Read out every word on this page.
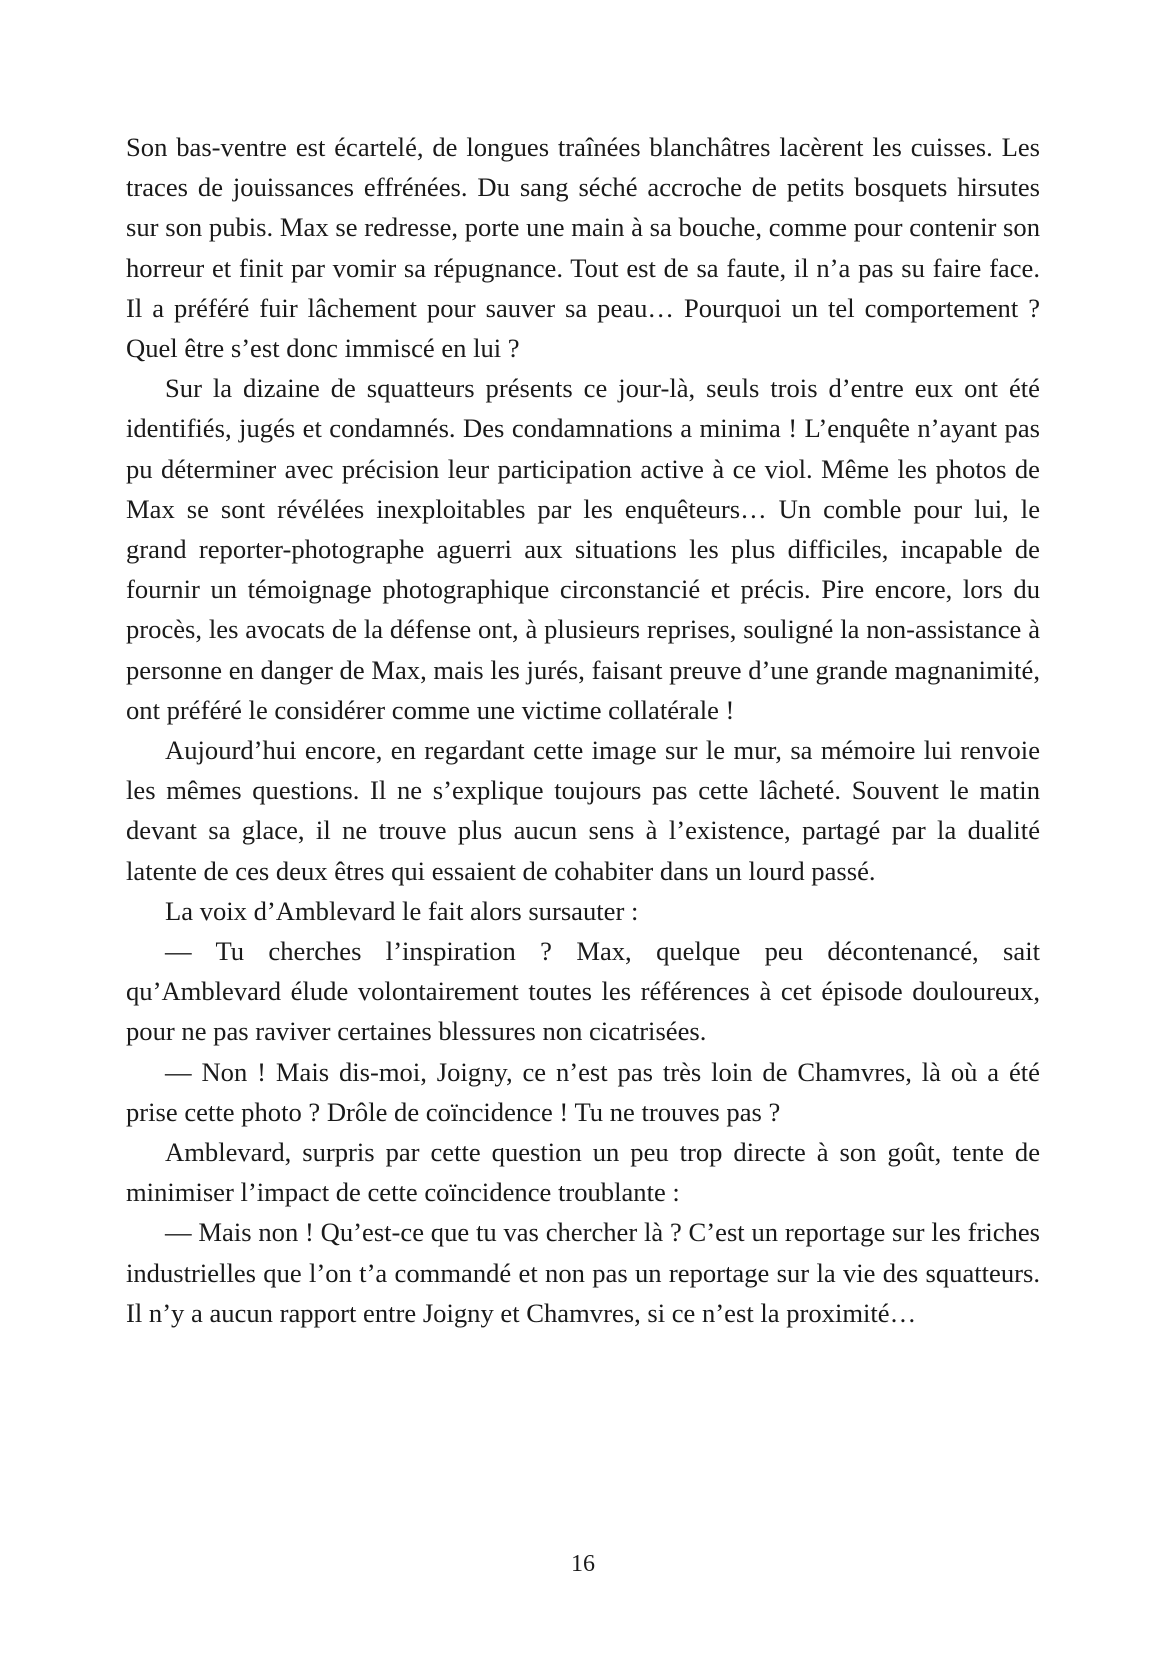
Son bas-ventre est écartelé, de longues traînées blanchâtres lacèrent les cuisses. Les traces de jouissances effrénées. Du sang séché accroche de petits bosquets hirsutes sur son pubis. Max se redresse, porte une main à sa bouche, comme pour contenir son horreur et finit par vomir sa répugnance. Tout est de sa faute, il n’a pas su faire face. Il a préféré fuir lâchement pour sauver sa peau… Pourquoi un tel comportement ? Quel être s’est donc immiscé en lui ?

Sur la dizaine de squatteurs présents ce jour-là, seuls trois d’entre eux ont été identifiés, jugés et condamnés. Des condamnations a minima ! L’enquête n’ayant pas pu déterminer avec précision leur participation active à ce viol. Même les photos de Max se sont révélées inexploitables par les enquêteurs… Un comble pour lui, le grand reporter-photographe aguerri aux situations les plus difficiles, incapable de fournir un témoignage photographique circonstancié et précis. Pire encore, lors du procès, les avocats de la défense ont, à plusieurs reprises, souligné la non-assistance à personne en danger de Max, mais les jurés, faisant preuve d’une grande magnanimité, ont préféré le considérer comme une victime collatérale !

Aujourd’hui encore, en regardant cette image sur le mur, sa mémoire lui renvoie les mêmes questions. Il ne s’explique toujours pas cette lâcheté. Souvent le matin devant sa glace, il ne trouve plus aucun sens à l’existence, partagé par la dualité latente de ces deux êtres qui essaient de cohabiter dans un lourd passé.

La voix d’Amblevard le fait alors sursauter :

— Tu cherches l’inspiration ? Max, quelque peu décontenancé, sait qu’Amblevard élude volontairement toutes les références à cet épisode douloureux, pour ne pas raviver certaines blessures non cicatrisées.

— Non ! Mais dis-moi, Joigny, ce n’est pas très loin de Chamvres, là où a été prise cette photo ? Drôle de coïncidence ! Tu ne trouves pas ?

Amblevard, surpris par cette question un peu trop directe à son goût, tente de minimiser l’impact de cette coïncidence troublante :

— Mais non ! Qu’est-ce que tu vas chercher là ? C’est un reportage sur les friches industrielles que l’on t’a commandé et non pas un reportage sur la vie des squatteurs. Il n’y a aucun rapport entre Joigny et Chamvres, si ce n’est la proximité…

16
